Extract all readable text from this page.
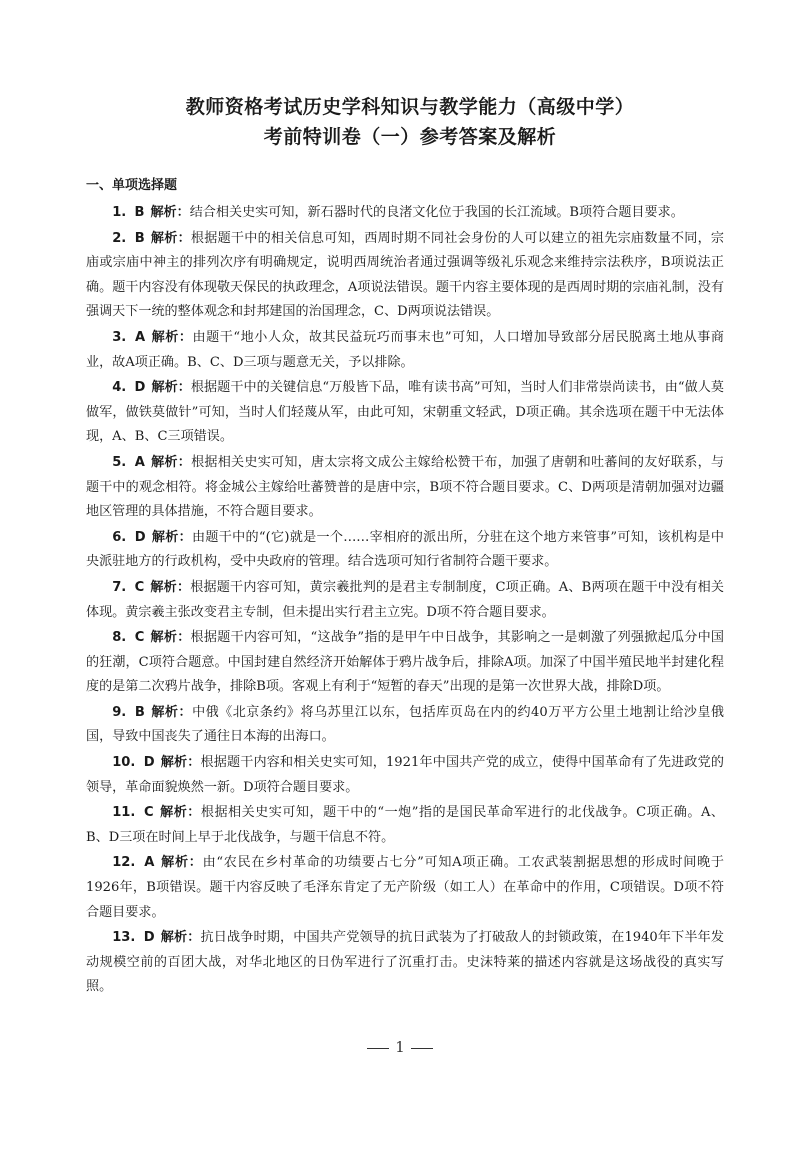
教师资格考试历史学科知识与教学能力（高级中学）
考前特训卷（一）参考答案及解析
一、单项选择题

1. B 解析：结合相关史实可知，新石器时代的良渚文化位于我国的长江流域。B项符合题目要求。

2. B 解析：根据题干中的相关信息可知，西周时期不同社会身份的人可以建立的祖先宗庙数量不同，宗庙或宗庙中神主的排列次序有明确规定，说明西周统治者通过强调等级礼乐观念来维持宗法秩序，B项说法正确。题干内容没有体现敬天保民的执政理念，A项说法错误。题干内容主要体现的是西周时期的宗庙礼制，没有强调天下一统的整体观念和封邦建国的治国理念，C、D两项说法错误。

3. A 解析：由题干“地小人众，故其民益玩巧而事末也”可知，人口增加导致部分居民脱离土地从事商业，故A项正确。B、C、D三项与题意无关，予以排除。

4. D 解析：根据题干中的关键信息“万般皆下品，唯有读书高”可知，当时人们非常崇尚读书，由“做人莫做军，做铁莫做针”可知，当时人们轻蔑从军，由此可知，宋朝重文轻武，D项正确。其余选项在题干中无法体现，A、B、C三项错误。

5. A 解析：根据相关史实可知，唐太宗将文成公主嫁给松赞干布，加强了唐朝和吐蕃间的友好联系，与题干中的观念相符。将金城公主嫁给吐蕃赞普的是唐中宗，B项不符合题目要求。C、D两项是清朝加强对边疆地区管理的具体措施，不符合题目要求。

6. D 解析：由题干中的“(它)就是一个……宰相府的派出所，分驻在这个地方来管事”可知，该机构是中央派驻地方的行政机构，受中央政府的管理。结合选项可知行省制符合题干要求。

7. C 解析：根据题干内容可知，黄宗羲批判的是君主专制制度，C项正确。A、B两项在题干中没有相关体现。黄宗羲主张改变君主专制，但未提出实行君主立宪。D项不符合题目要求。

8. C 解析：根据题干内容可知，“这战争”指的是甲午中日战争，其影响之一是刺激了列强掀起瓜分中国的狂潮，C项符合题意。中国封建自然经济开始解体于鸦片战争后，排除A项。加深了中国半殖民地半封建化程度的是第二次鸦片战争，排除B项。客观上有利于“短暂的春天”出现的是第一次世界大战，排除D项。

9. B 解析：中俄《北京条约》将乌苏里江以东，包括库页岛在内的约40万平方公里土地割让给沙皇俄国，导致中国丧失了通往日本海的出海口。

10. D 解析：根据题干内容和相关史实可知，1921年中国共产党的成立，使得中国革命有了先进政党的领导，革命面貌焕然一新。D项符合题目要求。

11. C 解析：根据相关史实可知，题干中的“一炮”指的是国民革命军进行的北伐战争。C项正确。A、B、D三项在时间上早于北伐战争，与题干信息不符。

12. A 解析：由“农民在乡村革命的功绩要占七分”可知A项正确。工农武装割据思想的形成时间晚于1926年，B项错误。题干内容反映了毛泽东肯定了无产阶级（如工人）在革命中的作用，C项错误。D项不符合题目要求。

13. D 解析：抗日战争时期，中国共产党领导的抗日武装为了打破敌人的封锁政策，在1940年下半年发动规模空前的百团大战，对华北地区的日伪军进行了沉重打击。史沫特莱的描述内容就是这场战役的真实写照。

1
